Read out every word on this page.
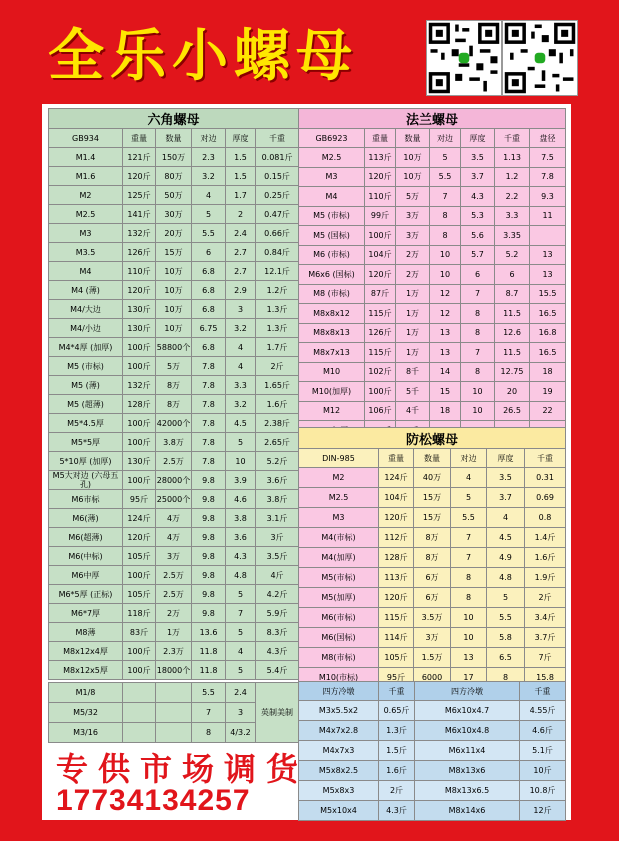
全乐小螺母
六角螺母					
GB934	重量	数量	对边	厚度	千重
M1.4	121斤	150万	2.3	1.5	0.081斤
M1.6	120斤	80万	3.2	1.5	0.15斤
M2	125斤	50万	4	1.7	0.25斤
M2.5	141斤	30万	5	2	0.47斤
M3	132斤	20万	5.5	2.4	0.66斤
M3.5	126斤	15万	6	2.7	0.84斤
M4	110斤	10万	6.8	2.7	12.1斤
M4 (薄)	120斤	10万	6.8	2.9	1.2斤
M4/大边	130斤	10万	6.8	3	1.3斤
M4/小边	130斤	10万	6.75	3.2	1.3斤
M4*4厚 (加厚)	100斤	58800个	6.8	4	1.7斤
M5 (市标)	100斤	5万	7.8	4	2斤
M5 (薄)	132斤	8万	7.8	3.3	1.65斤
M5 (超薄)	128斤	8万	7.8	3.2	1.6斤
M5*4.5厚	100斤	42000个	7.8	4.5	2.38斤
M5*5厚	100斤	3.8万	7.8	5	2.65斤
5*10厚 (加厚)	130斤	2.5万	7.8	10	5.2斤
M5大对边 (六母五孔)	100斤	28000个	9.8	3.9	3.6斤
M6市标	95斤	25000个	9.8	4.6	3.8斤
M6(薄)	124斤	4万	9.8	3.8	3.1斤
M6(超薄)	120斤	4万	9.8	3.6	3斤
M6(中标)	105斤	3万	9.8	4.3	3.5斤
M6中厚	100斤	2.5万	9.8	4.8	4斤
M6*5厚 (正标)	105斤	2.5万	9.8	5	4.2斤
M6*7厚	118斤	2万	9.8	7	5.9斤
M8薄	83斤	1万	13.6	5	8.3斤
M8x12x4厚	100斤	2.3万	11.8	4	4.3斤
M8x12x5厚	100斤	18000个	11.8	5	5.4斤
M1/8			5.5	2.4	英制美制
M5/32			7	3	
M3/16			8	4/3.2	
法兰螺母						
GB6923	重量	数量	对边	厚度	千重	盘径
M2.5	113斤	10万	5	3.5	1.13	7.5
M3	120斤	10万	5.5	3.7	1.2	7.8
M4	110斤	5万	7	4.3	2.2	9.3
M5 (市标)	99斤	3万	8	5.3	3.3	11
M5 (国标)	100斤	3万	8	5.6	3.35	
M6 (市标)	104斤	2万	10	5.7	5.2	13
M6x6 (国标)	120斤	2万	10	6	6	13
M8 (市标)	87斤	1万	12	7	8.7	15.5
M8x8x12	115斤	1万	12	8	11.5	16.5
M8x8x13	126斤	1万	13	8	12.6	16.8
M8x7x13	115斤	1万	13	7	11.5	16.5
M10	102斤	8千	14	8	12.75	18
M10(加厚)	100斤	5千	15	10	20	19
M12	106斤	4千	18	10	26.5	22

防松螺母					
DIN-985	重量	数量	对边	厚度	千重
M2	124斤	40万	4	3.5	0.31
M2.5	104斤	15万	5	3.7	0.69
M3	120斤	15万	5.5	4	0.8
M4(市标)	112斤	8万	7	4.5	1.4斤
M4(加厚)	128斤	8万	7	4.9	1.6斤
M5(市标)	113斤	6万	8	4.8	1.9斤
M5(加厚)	120斤	6万	8	5	2斤
M6(市标)	115斤	3.5万	10	5.5	3.4斤
M6(国标)	114斤	3万	10	5.8	3.7斤
M8(市标)	105斤	1.5万	13	6.5	7斤
M10(市标)	95斤	6000	17	8	15.8
四方冷墩	千重	四方冷墩	千重
M3x5.5x2	0.65斤	M6x10x4.7	4.55斤
M4x7x2.8	1.3斤	M6x10x4.8	4.6斤
M4x7x3	1.5斤	M6x11x4	5.1斤
M5x8x2.5	1.6斤	M8x13x6	10斤
M5x8x3	2斤	M8x13x6.5	10.8斤
M5x10x4	4.3斤	M8x14x6	12斤
专供市场调货
17734134257
